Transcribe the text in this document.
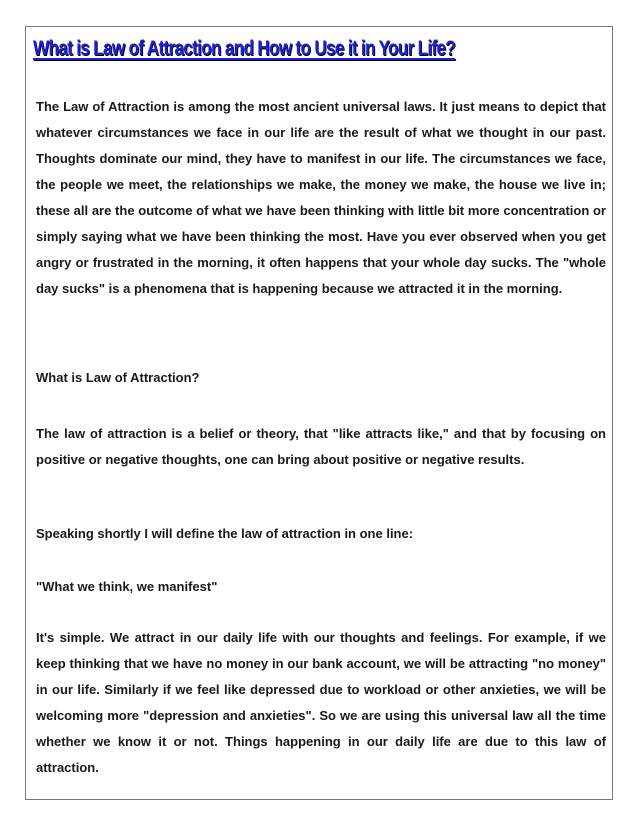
What is Law of Attraction and How to Use it in Your Life?

The Law of Attraction is among the most ancient universal laws. It just means to depict that whatever circumstances we face in our life are the result of what we thought in our past. Thoughts dominate our mind, they have to manifest in our life. The circumstances we face, the people we meet, the relationships we make, the money we make, the house we live in; these all are the outcome of what we have been thinking with little bit more concentration or simply saying what we have been thinking the most. Have you ever observed when you get angry or frustrated in the morning, it often happens that your whole day sucks. The "whole day sucks" is a phenomena that is happening because we attracted it in the morning.

What is Law of Attraction?

The law of attraction is a belief or theory, that "like attracts like," and that by focusing on positive or negative thoughts, one can bring about positive or negative results.

Speaking shortly I will define the law of attraction in one line:

"What we think, we manifest"

It's simple. We attract in our daily life with our thoughts and feelings. For example, if we keep thinking that we have no money in our bank account, we will be attracting "no money" in our life. Similarly if we feel like depressed due to workload or other anxieties, we will be welcoming more "depression and anxieties". So we are using this universal law all the time whether we know it or not. Things happening in our daily life are due to this law of attraction.
